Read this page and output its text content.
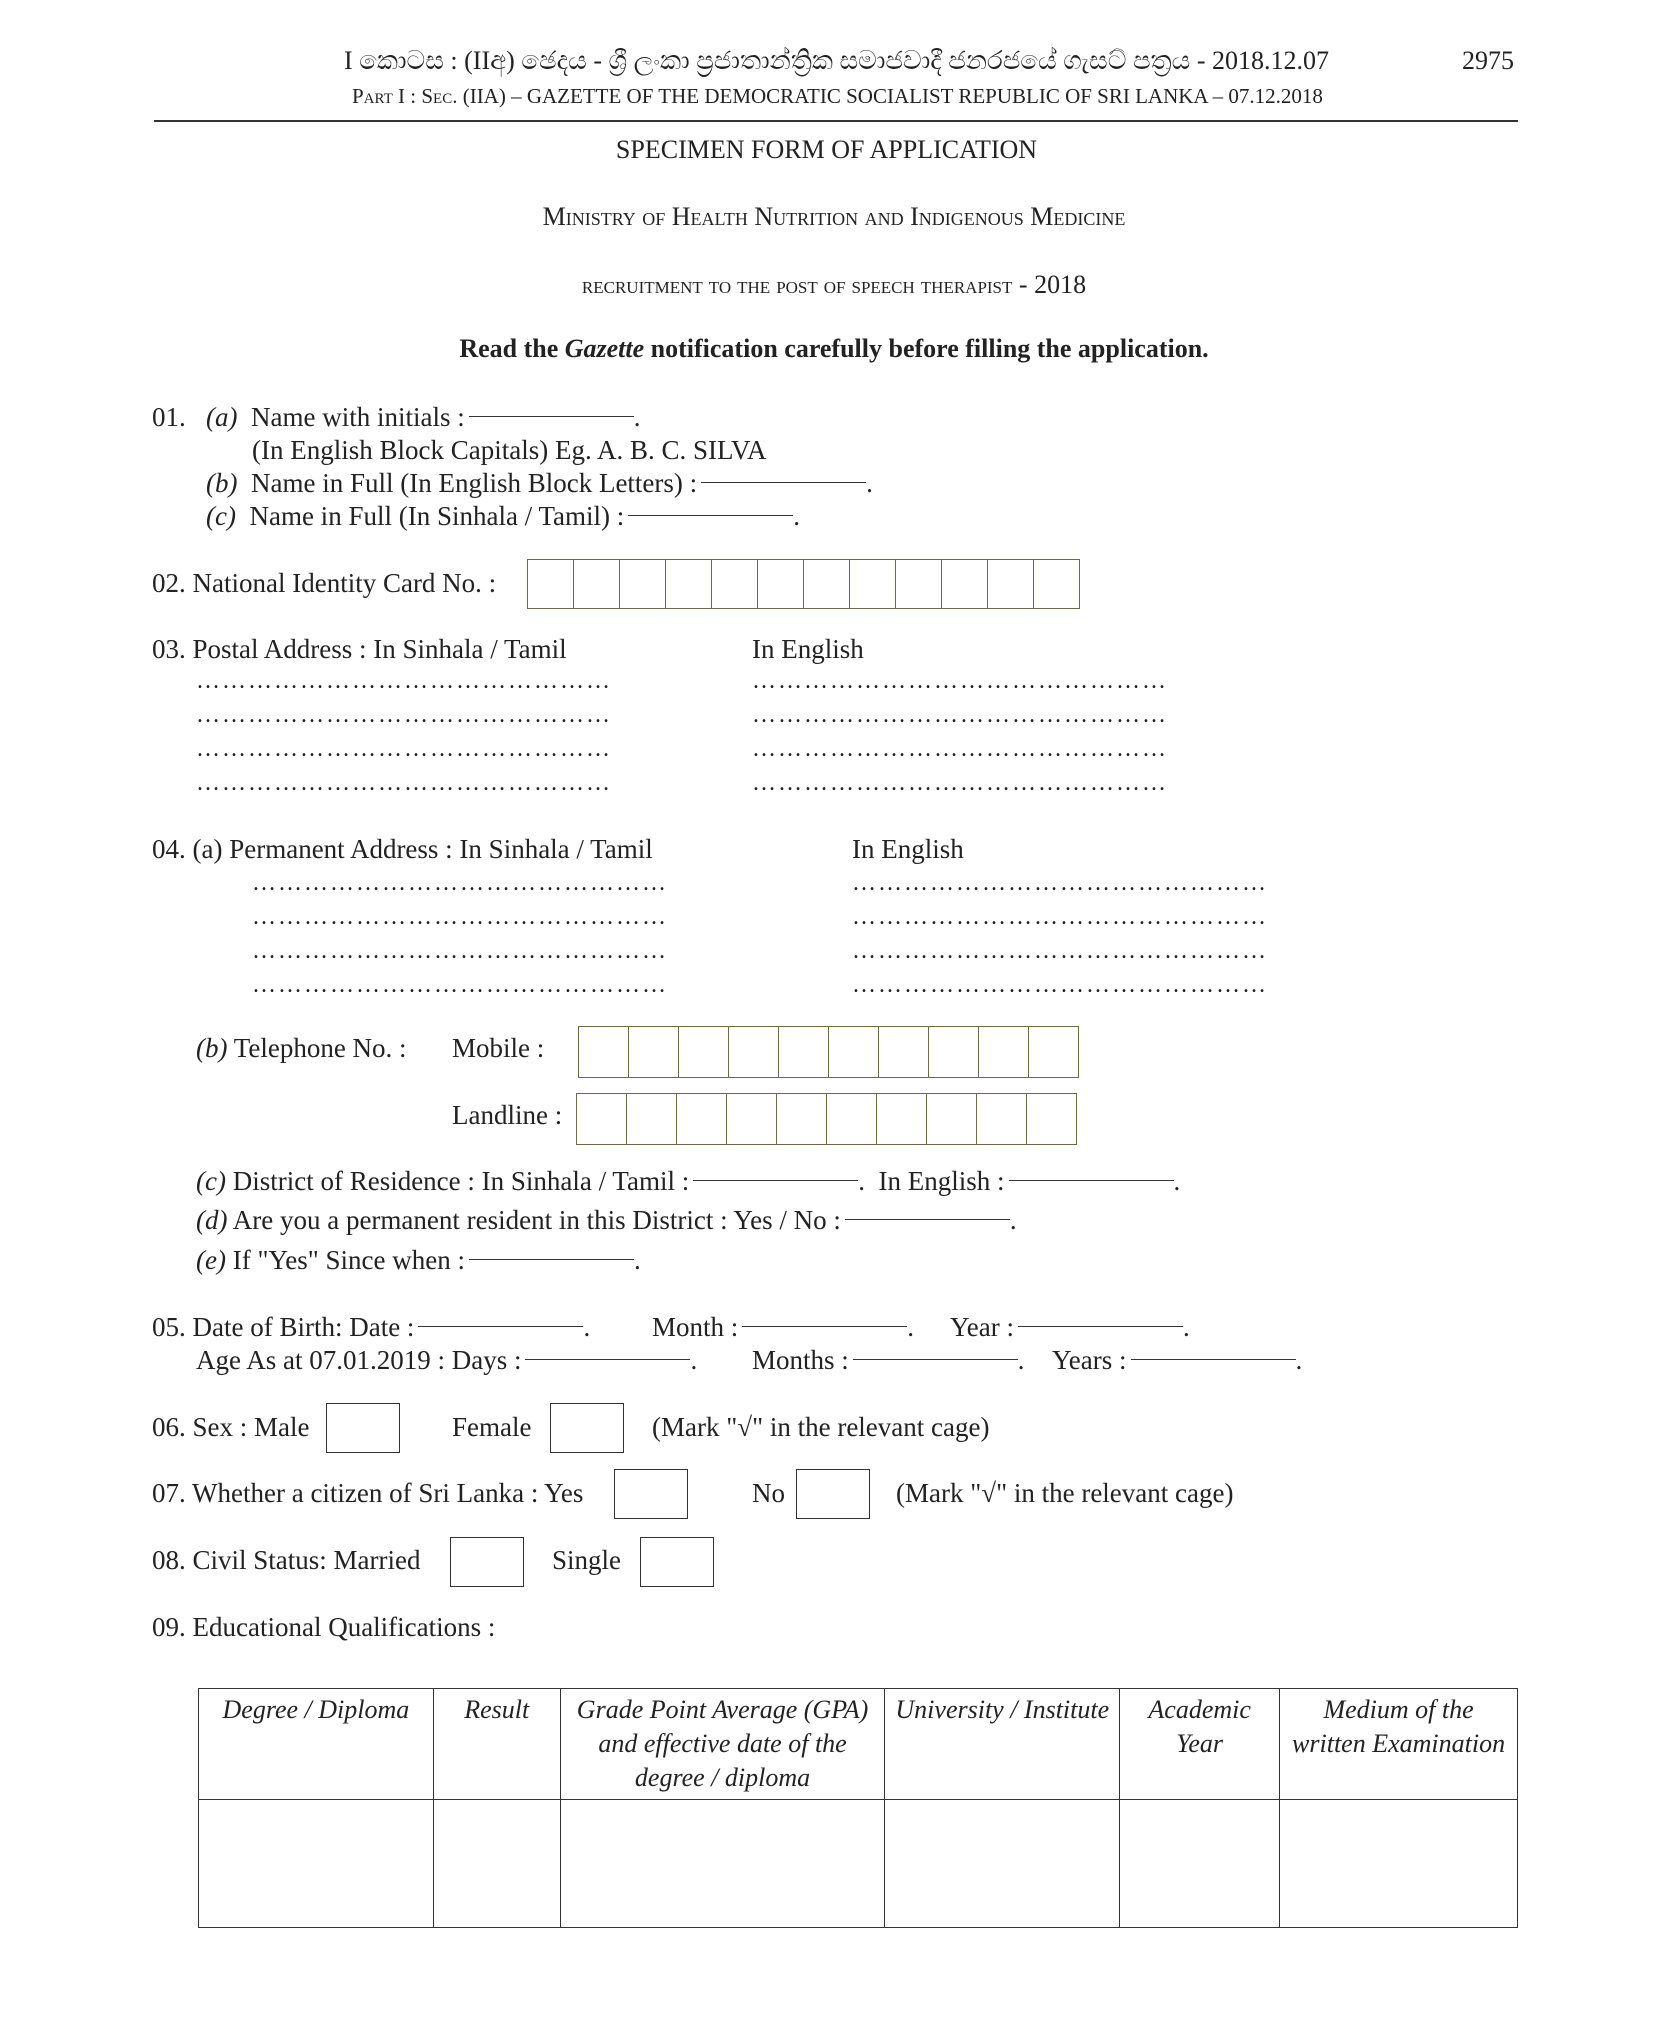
I කොටස : (IIඅ) ඡෙදය - ශ්‍රී ලංකා ප්‍රජාතාන්ත්‍රික සමාජවාදී ජනරජයේ ගැසට් පත්‍රය - 2018.12.07	2975
Part I : Sec. (IIA) – GAZETTE OF THE DEMOCRATIC SOCIALIST REPUBLIC OF SRI LANKA – 07.12.2018
SPECIMEN FORM OF APPLICATION
Ministry of Health Nutrition and Indigenous Medicine
recruitment to the post of speech therapist - 2018
Read the Gazette notification carefully before filling the application.
01. (a) Name with initials :	.
(In English Block Capitals) Eg. A. B. C. SILVA
(b) Name in Full (In English Block Letters) :	.
(c) Name in Full (In Sinhala / Tamil) :	.
02. National Identity Card No. :
03. Postal Address : In Sinhala / Tamil	In English
…………………………………………
…………………………………………
…………………………………………
…………………………………………
…………………………………………
…………………………………………
…………………………………………
…………………………………………
04. (a) Permanent Address : In Sinhala / Tamil	In English
…………………………………………
…………………………………………
…………………………………………
…………………………………………
…………………………………………
…………………………………………
…………………………………………
…………………………………………
(b) Telephone No. : Mobile :
Landline :
(c) District of Residence : In Sinhala / Tamil :	.  In English :	.
(d) Are you a permanent resident in this District : Yes / No :	.
(e) If "Yes" Since when :	.
05. Date of Birth: Date :	. Month :	. Year :	.
Age As at 07.01.2019 : Days :	. Months :	. Years :	.
06. Sex : Male	Female	(Mark "√" in the relevant cage)
07. Whether a citizen of Sri Lanka : Yes	No	(Mark "√" in the relevant cage)
08. Civil Status: Married	Single
09. Educational Qualifications :
Degree / Diploma	Result	Grade Point Average (GPA) and effective date of the degree / diploma	University / Institute	Academic Year	Medium of the written Examination
